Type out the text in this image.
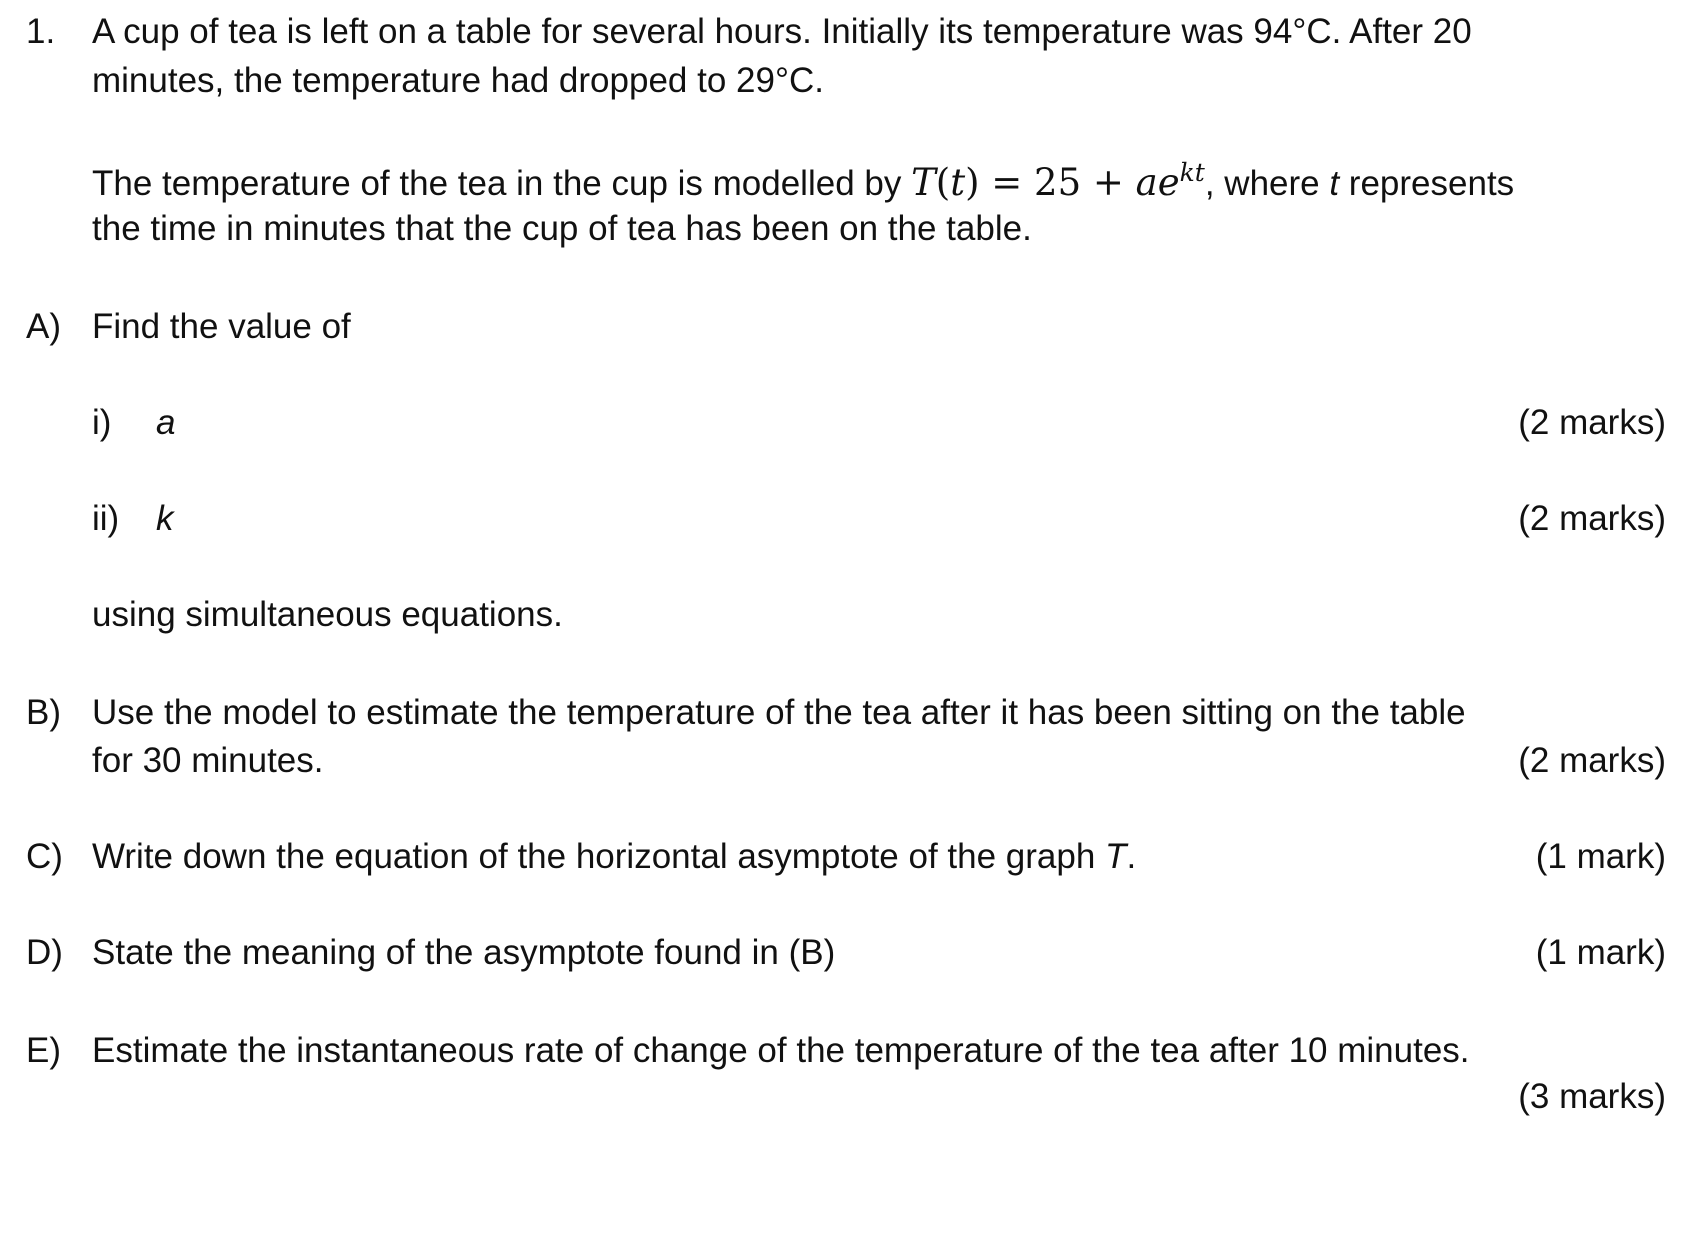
1. A cup of tea is left on a table for several hours. Initially its temperature was 94°C. After 20
minutes, the temperature had dropped to 29°C.
The temperature of the tea in the cup is modelled by $T(t) = 25 + ae^{kt}$, where t represents
the time in minutes that the cup of tea has been on the table.
A) Find the value of
i) a	(2 marks)
ii) k	(2 marks)
using simultaneous equations.
B) Use the model to estimate the temperature of the tea after it has been sitting on the table
for 30 minutes.	(2 marks)
C) Write down the equation of the horizontal asymptote of the graph T.	(1 mark)
D) State the meaning of the asymptote found in (B)	(1 mark)
E) Estimate the instantaneous rate of change of the temperature of the tea after 10 minutes.
(3 marks)
